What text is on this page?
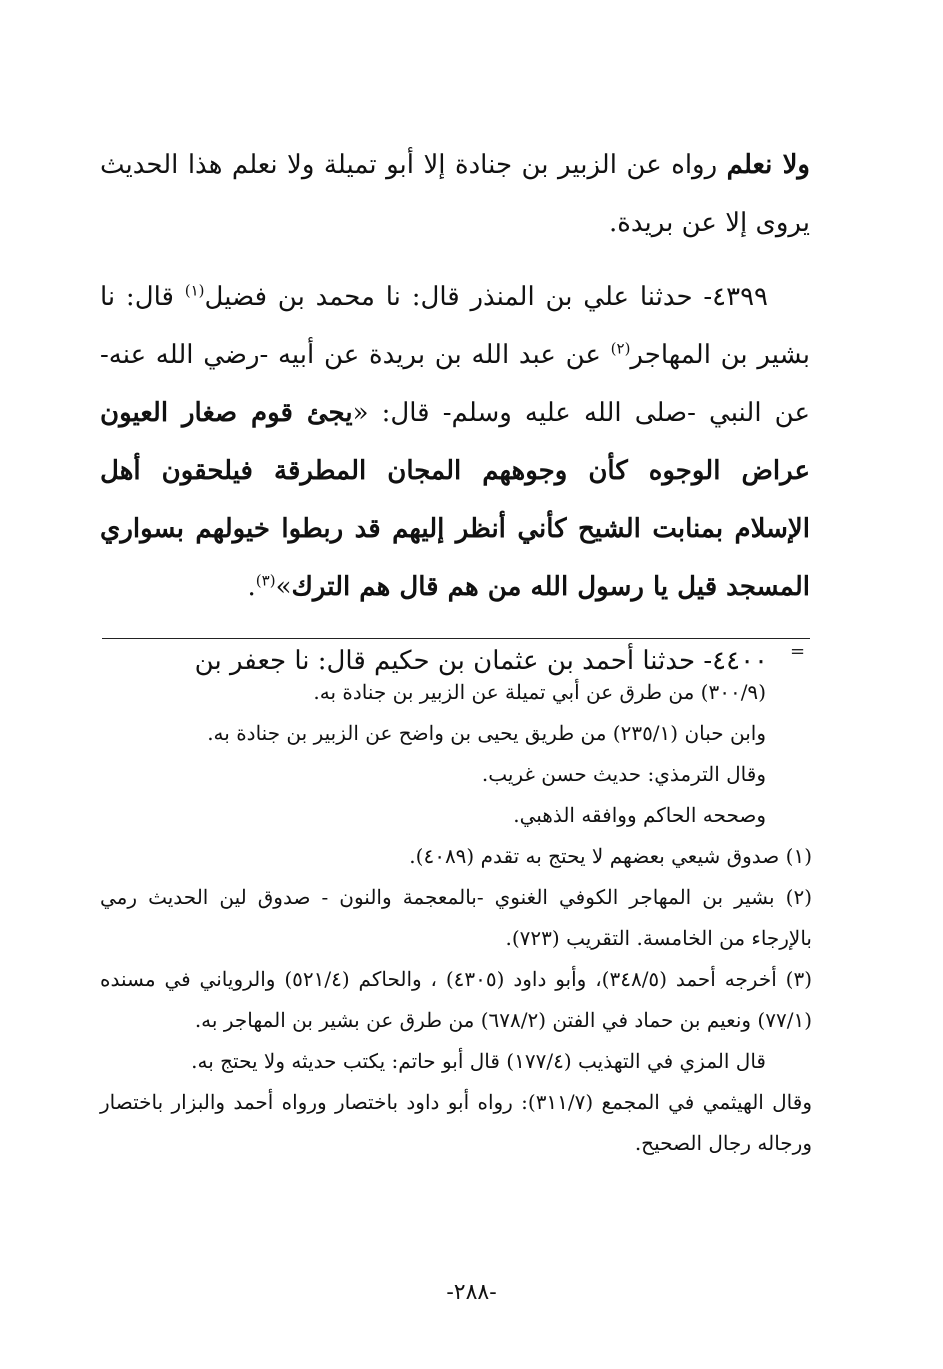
ولا نعلم رواه عن الزبير بن جنادة إلا أبو تميلة ولا نعلم هذا الحديث يروى إلا عن بريدة.

٤٣٩٩- حدثنا علي بن المنذر قال: نا محمد بن فضيل$^{(١)}$ قال: نا بشير بن المهاجر$^{(٢)}$ عن عبد الله بن بريدة عن أبيه -رضي الله عنه- عن النبي -صلى الله عليه وسلم- قال: «يجئ قوم صغار العيون عراض الوجوه كأن وجوههم المجان المطرقة فيلحقون أهل الإسلام بمنابت الشيح كأني أنظر إليهم قد ربطوا خيولهم بسواري المسجد قيل يا رسول الله من هم قال هم الترك»$^{(٣)}$.

٤٤٠٠- حدثنا أحمد بن عثمان بن حكيم قال: نا جعفر بن	=

(٣٠٠/٩) من طرق عن أبي تميلة عن الزبير بن جنادة به.

وابن حبان (٢٣٥/١) من طريق يحيى بن واضح عن الزبير بن جنادة به.

وقال الترمذي: حديث حسن غريب.

وصححه الحاكم ووافقه الذهبي.

(١) صدوق شيعي بعضهم لا يحتج به تقدم (٤٠٨٩).

(٢) بشير بن المهاجر الكوفي الغنوي -بالمعجمة والنون - صدوق لين الحديث رمي بالإرجاء من الخامسة. التقريب (٧٢٣).

(٣) أخرجه أحمد (٣٤٨/٥)، وأبو داود (٤٣٠٥) ، والحاكم (٥٢١/٤) والروياني في مسنده (٧٧/١) ونعيم بن حماد في الفتن (٦٧٨/٢) من طرق عن بشير بن المهاجر به.

قال المزي في التهذيب (١٧٧/٤) قال أبو حاتم: يكتب حديثه ولا يحتج به.

وقال الهيثمي في المجمع (٣١١/٧): رواه أبو داود باختصار ورواه أحمد والبزار باختصار ورجاله رجال الصحيح.

-٢٨٨-
